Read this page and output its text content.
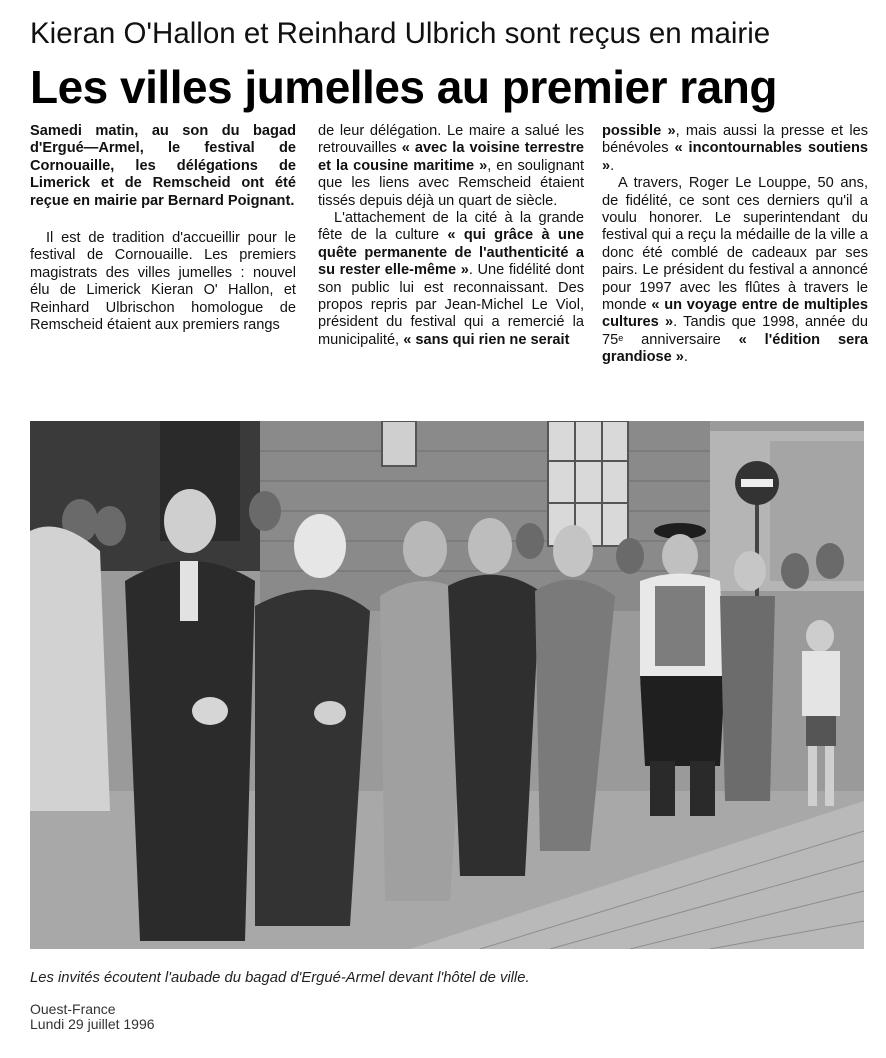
Kieran O'Hallon et Reinhard Ulbrich sont reçus en mairie
Les villes jumelles au premier rang

Samedi matin, au son du bagad d'Ergué—Armel, le festival de Cornouaille, les délégations de Limerick et de Remscheid ont été reçue en mairie par Bernard Poignant.

Il est de tradition d'accueillir pour le festival de Cornouaille. Les premiers magistrats des villes jumelles : nouvel élu de Limerick Kieran O' Hallon, et Reinhard Ulbrischon homologue de Remscheid étaient aux premiers rangs

de leur délégation. Le maire a salué les retrouvailles « avec la voisine terrestre et la cousine maritime », en soulignant que les liens avec Remscheid étaient tissés depuis déjà un quart de siècle.

L'attachement de la cité à la grande fête de la culture « qui grâce à une quête permanente de l'authenticité a su rester elle-même ». Une fidélité dont son public lui est reconnaissant. Des propos repris par Jean-Michel Le Viol, président du festival qui a remercié la municipalité, « sans qui rien ne serait

possible », mais aussi la presse et les bénévoles « incontournables soutiens ».

A travers, Roger Le Louppe, 50 ans, de fidélité, ce sont ces derniers qu'il a voulu honorer. Le superintendant du festival qui a reçu la médaille de la ville a donc été comblé de cadeaux par ses pairs. Le président du festival a annoncé pour 1997 avec les flûtes à travers le monde « un voyage entre de multiples cultures ». Tandis que 1998, année du 75e anniversaire « l'édition sera grandiose ».

Les invités écoutent l'aubade du bagad d'Ergué-Armel devant l'hôtel de ville.
Ouest-France
Lundi 29 juillet 1996
